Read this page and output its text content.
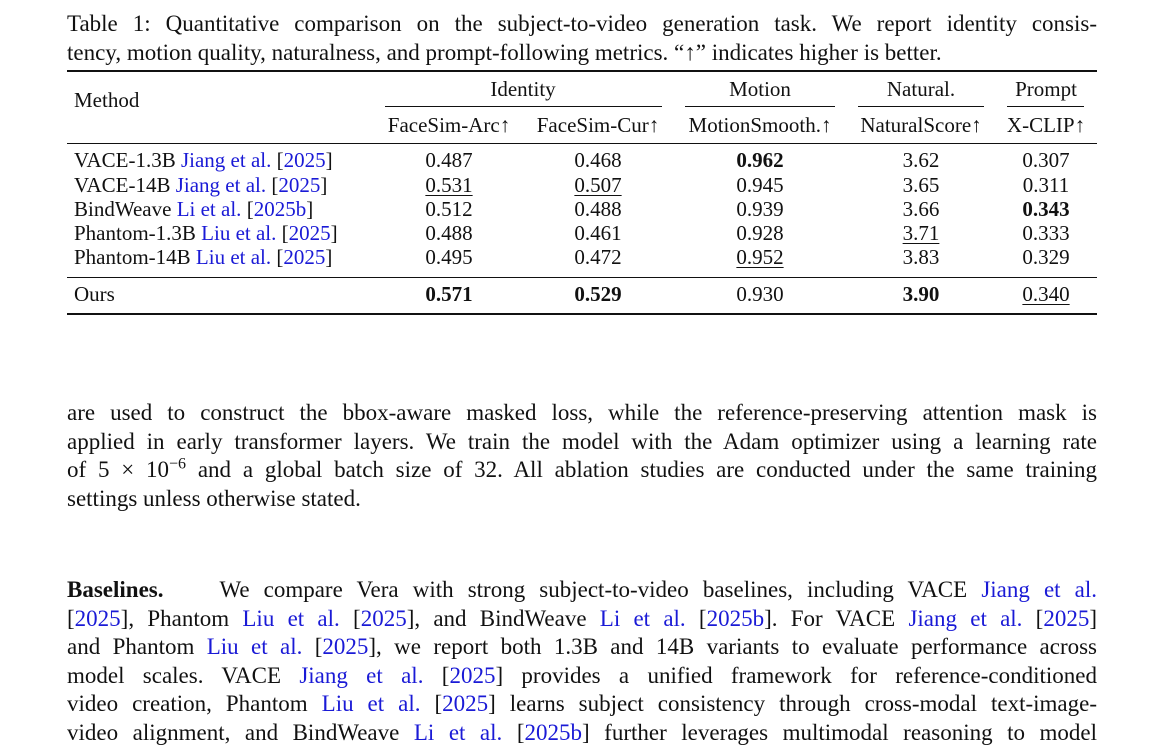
Table 1: Quantitative comparison on the subject-to-video generation task. We report identity consis-
tency, motion quality, naturalness, and prompt-following metrics. “↑” indicates higher is better.
Method	Identity	Motion	Natural.	Prompt
FaceSim-Arc↑ FaceSim-Cur↑ MotionSmooth.↑ NaturalScore↑ X-CLIP↑
VACE-1.3B Jiang et al. [2025]	0.487	0.468	0.962	3.62	0.307
VACE-14B Jiang et al. [2025]	0.531	0.507	0.945	3.65	0.311
BindWeave Li et al. [2025b]	0.512	0.488	0.939	3.66	0.343
Phantom-1.3B Liu et al. [2025]	0.488	0.461	0.928	3.71	0.333
Phantom-14B Liu et al. [2025]	0.495	0.472	0.952	3.83	0.329
Ours	0.571	0.529	0.930	3.90	0.340
are used to construct the bbox-aware masked loss, while the reference-preserving attention mask is
applied in early transformer layers. We train the model with the Adam optimizer using a learning rate
of $5 \times 10^{-6}$ and a global batch size of 32. All ablation studies are conducted under the same training
settings unless otherwise stated.
Baselines. We compare Vera with strong subject-to-video baselines, including VACE Jiang et al.
[2025], Phantom Liu et al. [2025], and BindWeave Li et al. [2025b]. For VACE Jiang et al. [2025]
and Phantom Liu et al. [2025], we report both 1.3B and 14B variants to evaluate performance across
model scales. VACE Jiang et al. [2025] provides a unified framework for reference-conditioned
video creation, Phantom Liu et al. [2025] learns subject consistency through cross-modal text-image-
video alignment, and BindWeave Li et al. [2025b] further leverages multimodal reasoning to model
